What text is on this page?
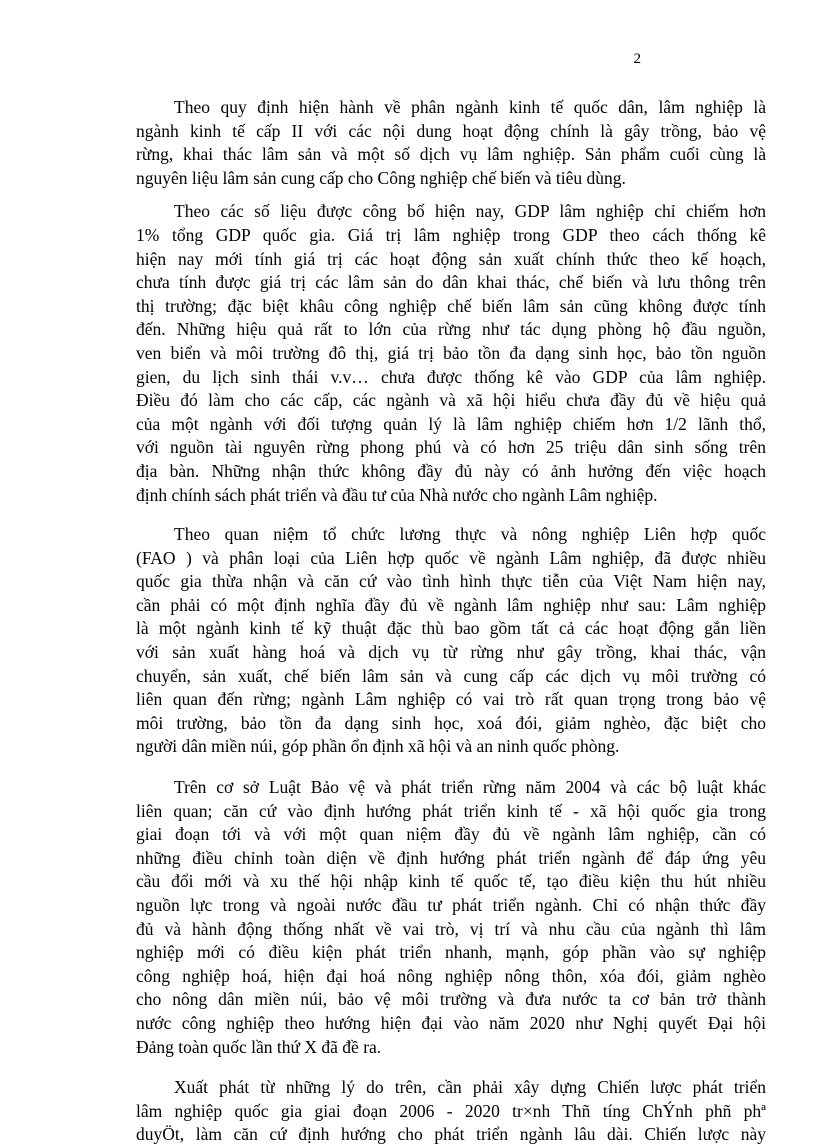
2
Theo quy định hiện hành về phân ngành kinh tế quốc dân, lâm nghiệp là
ngành kinh tế cấp II với các nội dung hoạt động chính là gây trồng, bảo vệ
rừng, khai thác lâm sản và một số dịch vụ lâm nghiệp. Sản phẩm cuối cùng là
nguyên liệu lâm sản cung cấp cho Công nghiệp chế biến và tiêu dùng.
Theo các số liệu được công bố hiện nay, GDP lâm nghiệp chỉ chiếm hơn
1% tổng GDP quốc gia. Giá trị lâm nghiệp trong GDP theo cách thống kê
hiện nay mới tính giá trị các hoạt động sản xuất chính thức theo kế hoạch,
chưa tính được giá trị các lâm sản do dân khai thác, chế biến và lưu thông trên
thị trường; đặc biệt khâu công nghiệp chế biến lâm sản cũng không được tính
đến. Những hiệu quả rất to lớn của rừng như tác dụng phòng hộ đầu nguồn,
ven biển và môi trường đô thị, giá trị bảo tồn đa dạng sinh học, bảo tồn nguồn
gien, du lịch sinh thái v.v… chưa được thống kê vào GDP của lâm nghiệp.
Điều đó làm cho các cấp, các ngành và xã hội hiểu chưa đầy đủ về hiệu quả
của một ngành với đối tượng quản lý là lâm nghiệp chiếm hơn 1/2 lãnh thổ,
với nguồn tài nguyên rừng phong phú và có hơn 25 triệu dân sinh sống trên
địa bàn. Những nhận thức không đầy đủ này có ảnh hưởng đến việc hoạch
định chính sách phát triển và đầu tư của Nhà nước cho ngành Lâm nghiệp.
Theo quan niệm tổ chức lương thực và nông nghiệp Liên hợp quốc
(FAO ) và phân loại của Liên hợp quốc về ngành Lâm nghiệp, đã được nhiều
quốc gia thừa nhận và căn cứ vào tình hình thực tiễn của Việt Nam hiện nay,
cần phải có một định nghĩa đầy đủ về ngành lâm nghiệp như sau: Lâm nghiệp
là một ngành kinh tế kỹ thuật đặc thù bao gồm tất cả các hoạt động gắn liền
với sản xuất hàng hoá và dịch vụ từ rừng như gây trồng, khai thác, vận
chuyển, sản xuất, chế biến lâm sản và cung cấp các dịch vụ môi trường có
liên quan đến rừng; ngành Lâm nghiệp có vai trò rất quan trọng trong bảo vệ
môi trường, bảo tồn đa dạng sinh học, xoá đói, giảm nghèo, đặc biệt cho
người dân miền núi, góp phần ổn định xã hội và an ninh quốc phòng.
Trên cơ sở Luật Bảo vệ và phát triển rừng năm 2004 và các bộ luật khác
liên quan; căn cứ vào định hướng phát triển kinh tế - xã hội quốc gia trong
giai đoạn tới và với một quan niệm đầy đủ về ngành lâm nghiệp, cần có
những điều chỉnh toàn diện về định hướng phát triển ngành để đáp ứng yêu
cầu đổi mới và xu thế hội nhập kinh tế quốc tế, tạo điều kiện thu hút nhiều
nguồn lực trong và ngoài nước đầu tư phát triển ngành. Chỉ có nhận thức đầy
đủ và hành động thống nhất về vai trò, vị trí và nhu cầu của ngành thì lâm
nghiệp mới có điều kiện phát triển nhanh, mạnh, góp phần vào sự nghiệp
công nghiệp hoá, hiện đại hoá nông nghiệp nông thôn, xóa đói, giảm nghèo
cho nông dân miền núi, bảo vệ môi trường và đưa nước ta cơ bản trở thành
nước công nghiệp theo hướng hiện đại vào năm 2020 như Nghị quyết Đại hội
Đảng toàn quốc lần thứ X đã đề ra.
Xuất phát từ những lý do trên, cần phải xây dựng Chiến lược phát triển
lâm nghiệp quốc gia giai đoạn 2006 - 2020 tr×nh Thñ tíng ChÝnh phñ phª
duyÖt, làm căn cứ định hướng cho phát triển ngành lâu dài. Chiến lược này
